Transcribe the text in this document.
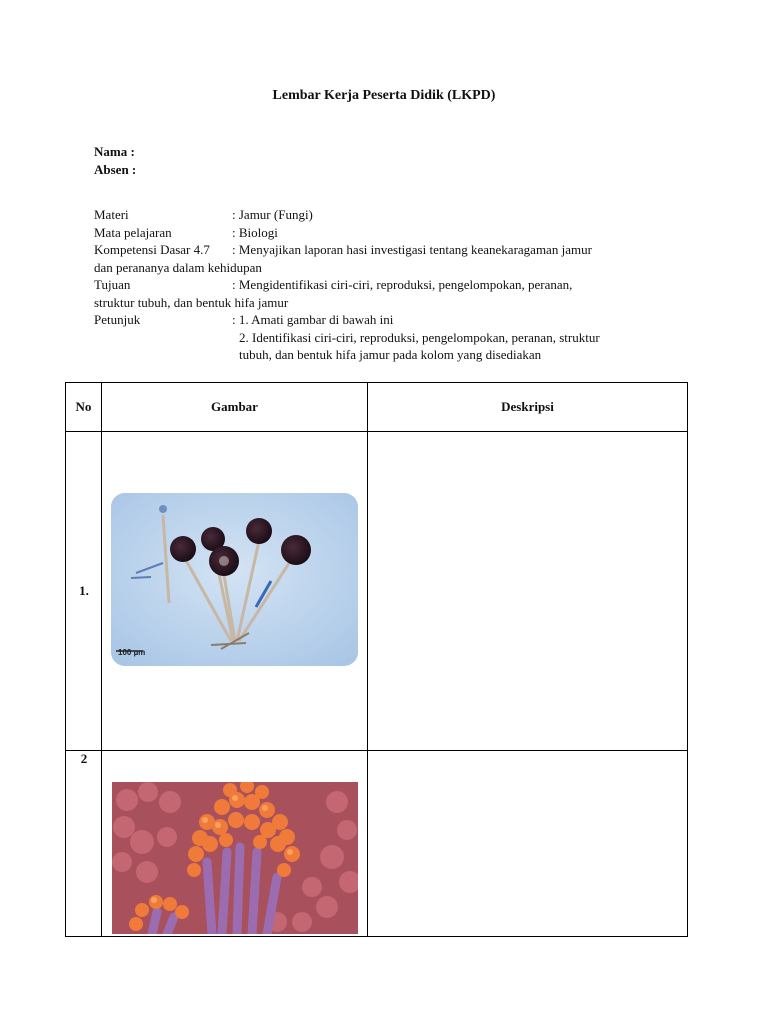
Lembar Kerja Peserta Didik (LKPD)
Nama :
Absen :
Materi	: Jamur (Fungi)
Mata pelajaran	: Biologi
Kompetensi Dasar 4.7 : Menyajikan laporan hasi investigasi tentang keanekaragaman jamur
dan perananya dalam kehidupan
Tujuan	: Mengidentifikasi ciri-ciri, reproduksi, pengelompokan, peranan,
struktur tubuh, dan bentuk hifa jamur
Petunjuk	: 1. Amati gambar di bawah ini
2. Identifikasi ciri-ciri, reproduksi, pengelompokan, peranan, struktur
tubuh, dan bentuk hifa jamur pada kolom yang disediakan
No	Gambar	Deskripsi
1.
2
100 µm
